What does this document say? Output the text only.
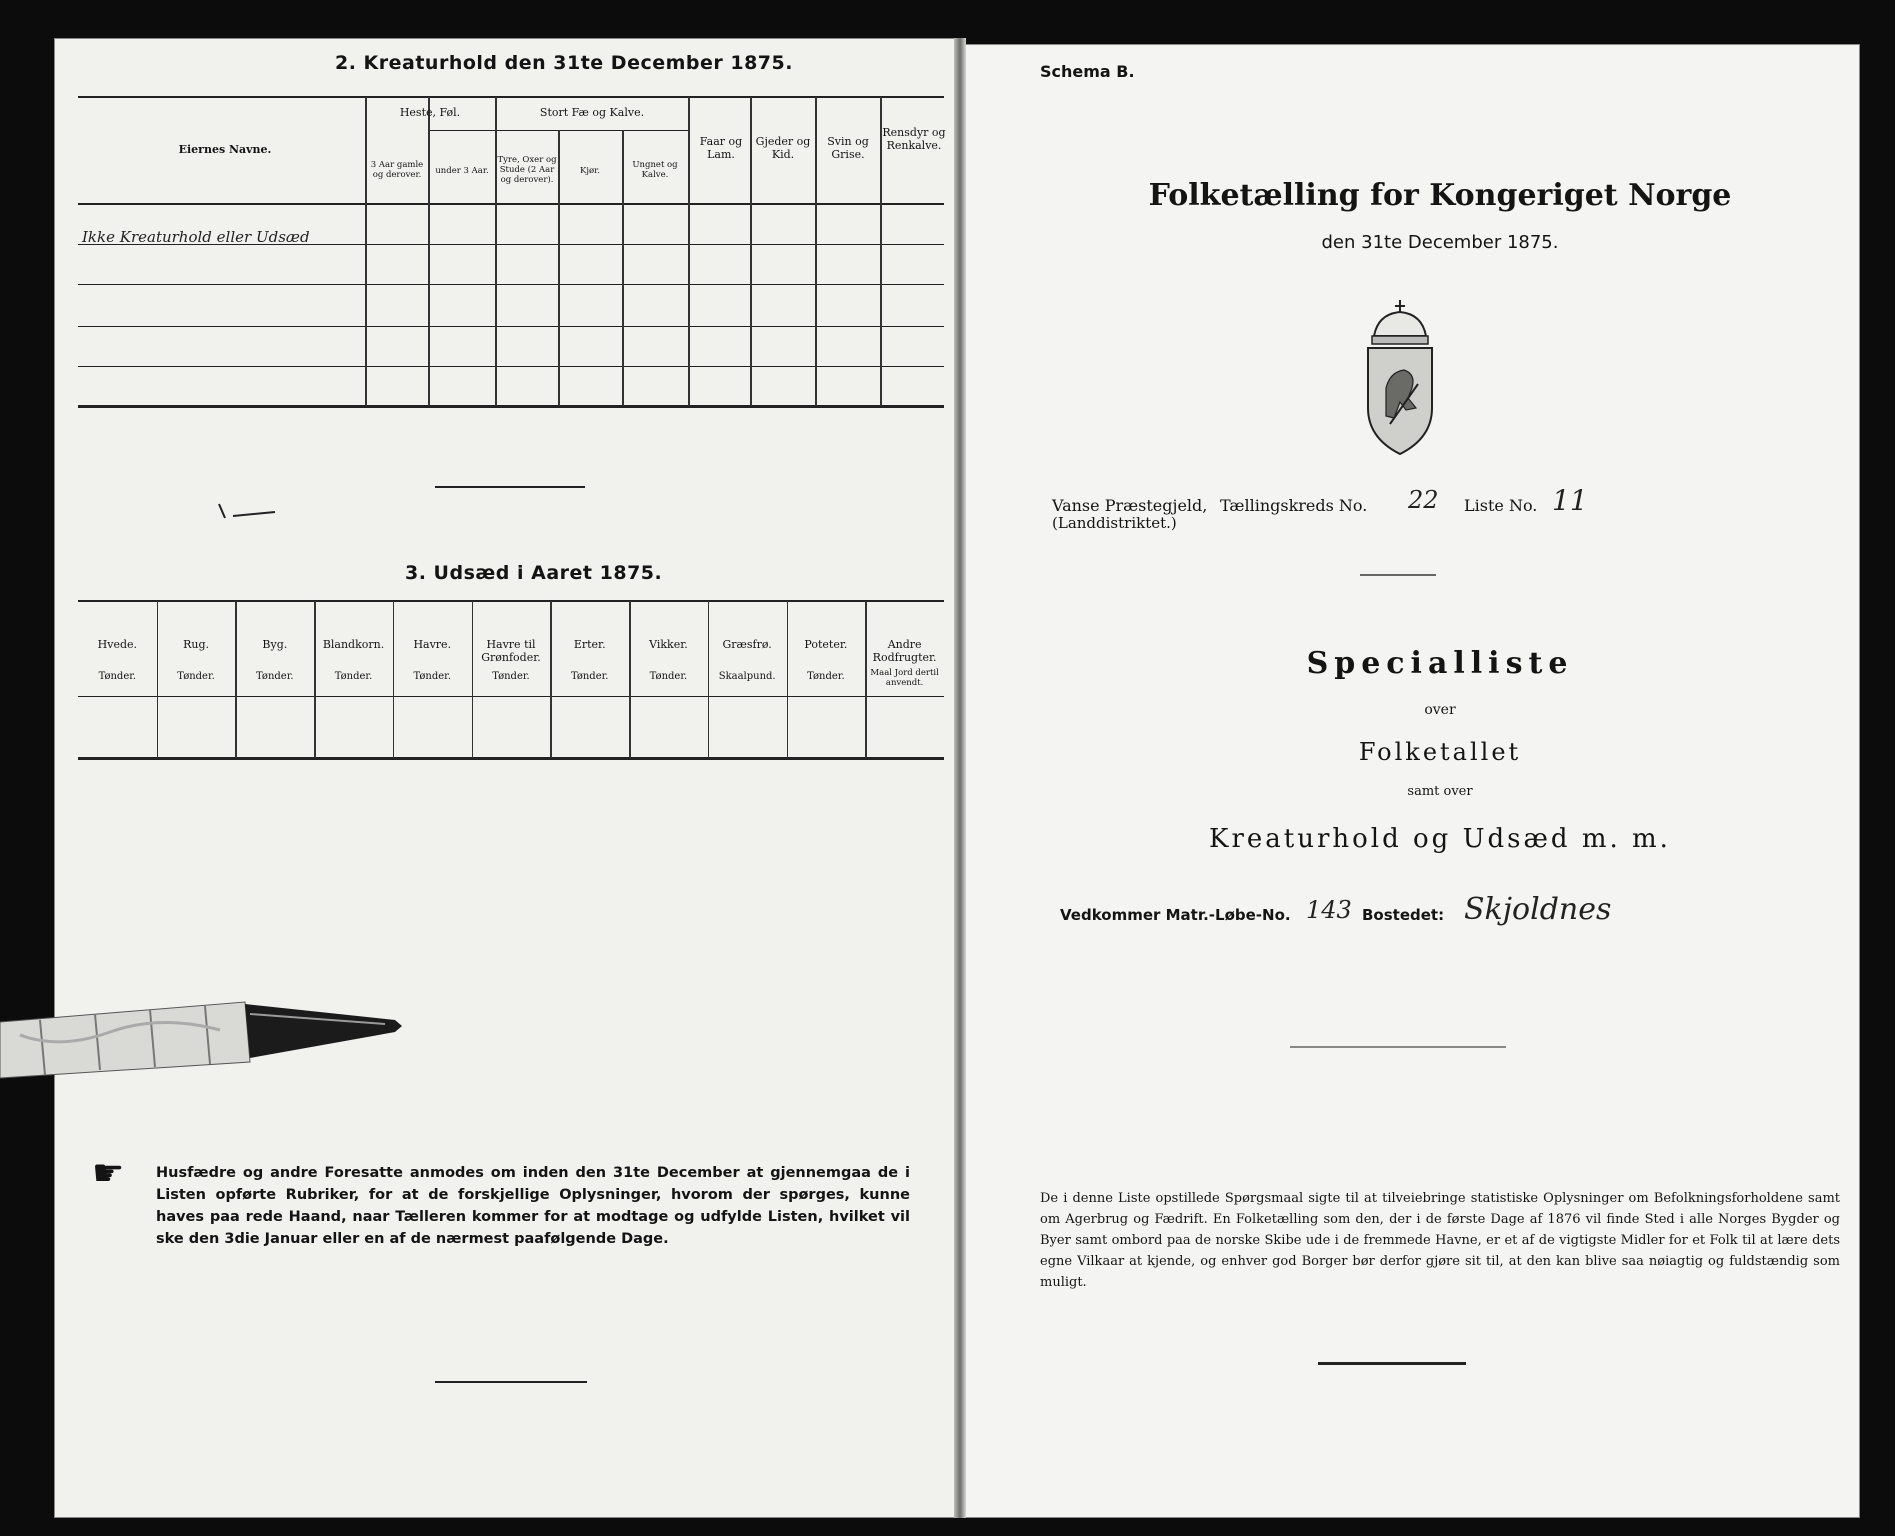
2. Kreaturhold den 31te December 1875.
Eiernes Navne.
Heste, Føl.	Stort Fæ og Kalve.
3 Aar gamle og derover.	under 3 Aar.
Tyre, Oxer og Stude (2 Aar og derover).
Kjør.
Ungnet og Kalve.
Faar og Lam.
Gjeder og Kid.
Svin og Grise.
Rensdyr og Renkalve.
Ikke Kreaturhold eller Udsæd
3. Udsæd i Aaret 1875.
Hvede.
Tønder.
Rug.
Tønder.
Byg.
Tønder.
Blandkorn.
Tønder.
Havre.
Tønder.
Havre til Grønfoder.
Tønder.
Erter.
Tønder.
Vikker.
Tønder.
Græsfrø.
Skaalpund.
Poteter.
Tønder.
Andre Rodfrugter.
Maal Jord dertil anvendt.
☛ Husfædre og andre Foresatte anmodes om inden den 31te December at gjennemgaa de i Listen opførte Rubriker, for at de forskjellige Oplysninger, hvorom der spørges, kunne haves paa rede Haand, naar Tælleren kommer for at modtage og udfylde Listen, hvilket vil ske den 3die Januar eller en af de nærmest paafølgende Dage.
Schema B.
Folketælling for Kongeriget Norge
den 31te December 1875.
Vanse Præstegjeld, Tællingskreds No. 22 Liste No. 11
(Landdistriktet.)
Specialliste
over
Folketallet
samt over
Kreaturhold og Udsæd m. m.
Vedkommer Matr.-Løbe-No. 143 Bostedet: Skjoldnes
De i denne Liste opstillede Spørgsmaal sigte til at tilveiebringe statistiske Oplysninger om Befolkningsforholdene samt om Agerbrug og Fædrift. En Folketælling som den, der i de første Dage af 1876 vil finde Sted i alle Norges Bygder og Byer samt ombord paa de norske Skibe ude i de fremmede Havne, er et af de vigtigste Midler for et Folk til at lære dets egne Vilkaar at kjende, og enhver god Borger bør derfor gjøre sit til, at den kan blive saa nøiagtig og fuldstændig som muligt.
